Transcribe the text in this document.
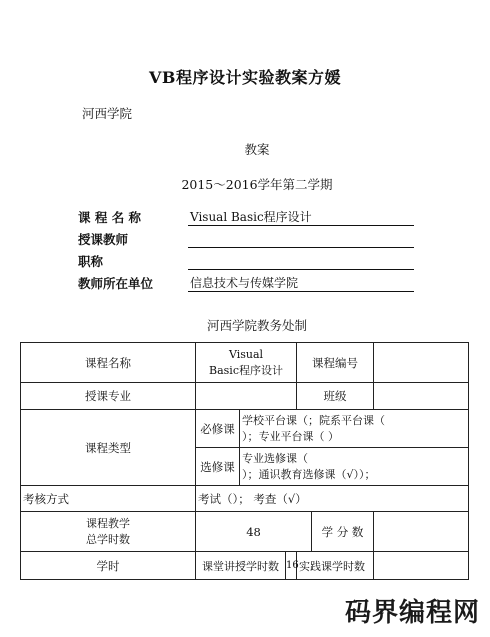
VB程序设计实验教案方媛
河西学院
教案
2015～2016学年第二学期
课 程 名 称	Visual Basic程序设计
授课教师
职称
教师所在单位	信息技术与传媒学院
河西学院教务处制
课程名称	Visual
Basic程序设计			课程编号		
授课专业				班级		
课程类型	必修课	学校平台课（；院系平台课（
）；专业平台课（ ）				

	选修课	专业选修课（
）；通识教育选修课（√））；				

考核方式	考试（）； 考查（√）					

课程教学
总学时数	48				学 分 数	
学时	课堂讲授学时数		16	实践课学时数		
码界编程网
